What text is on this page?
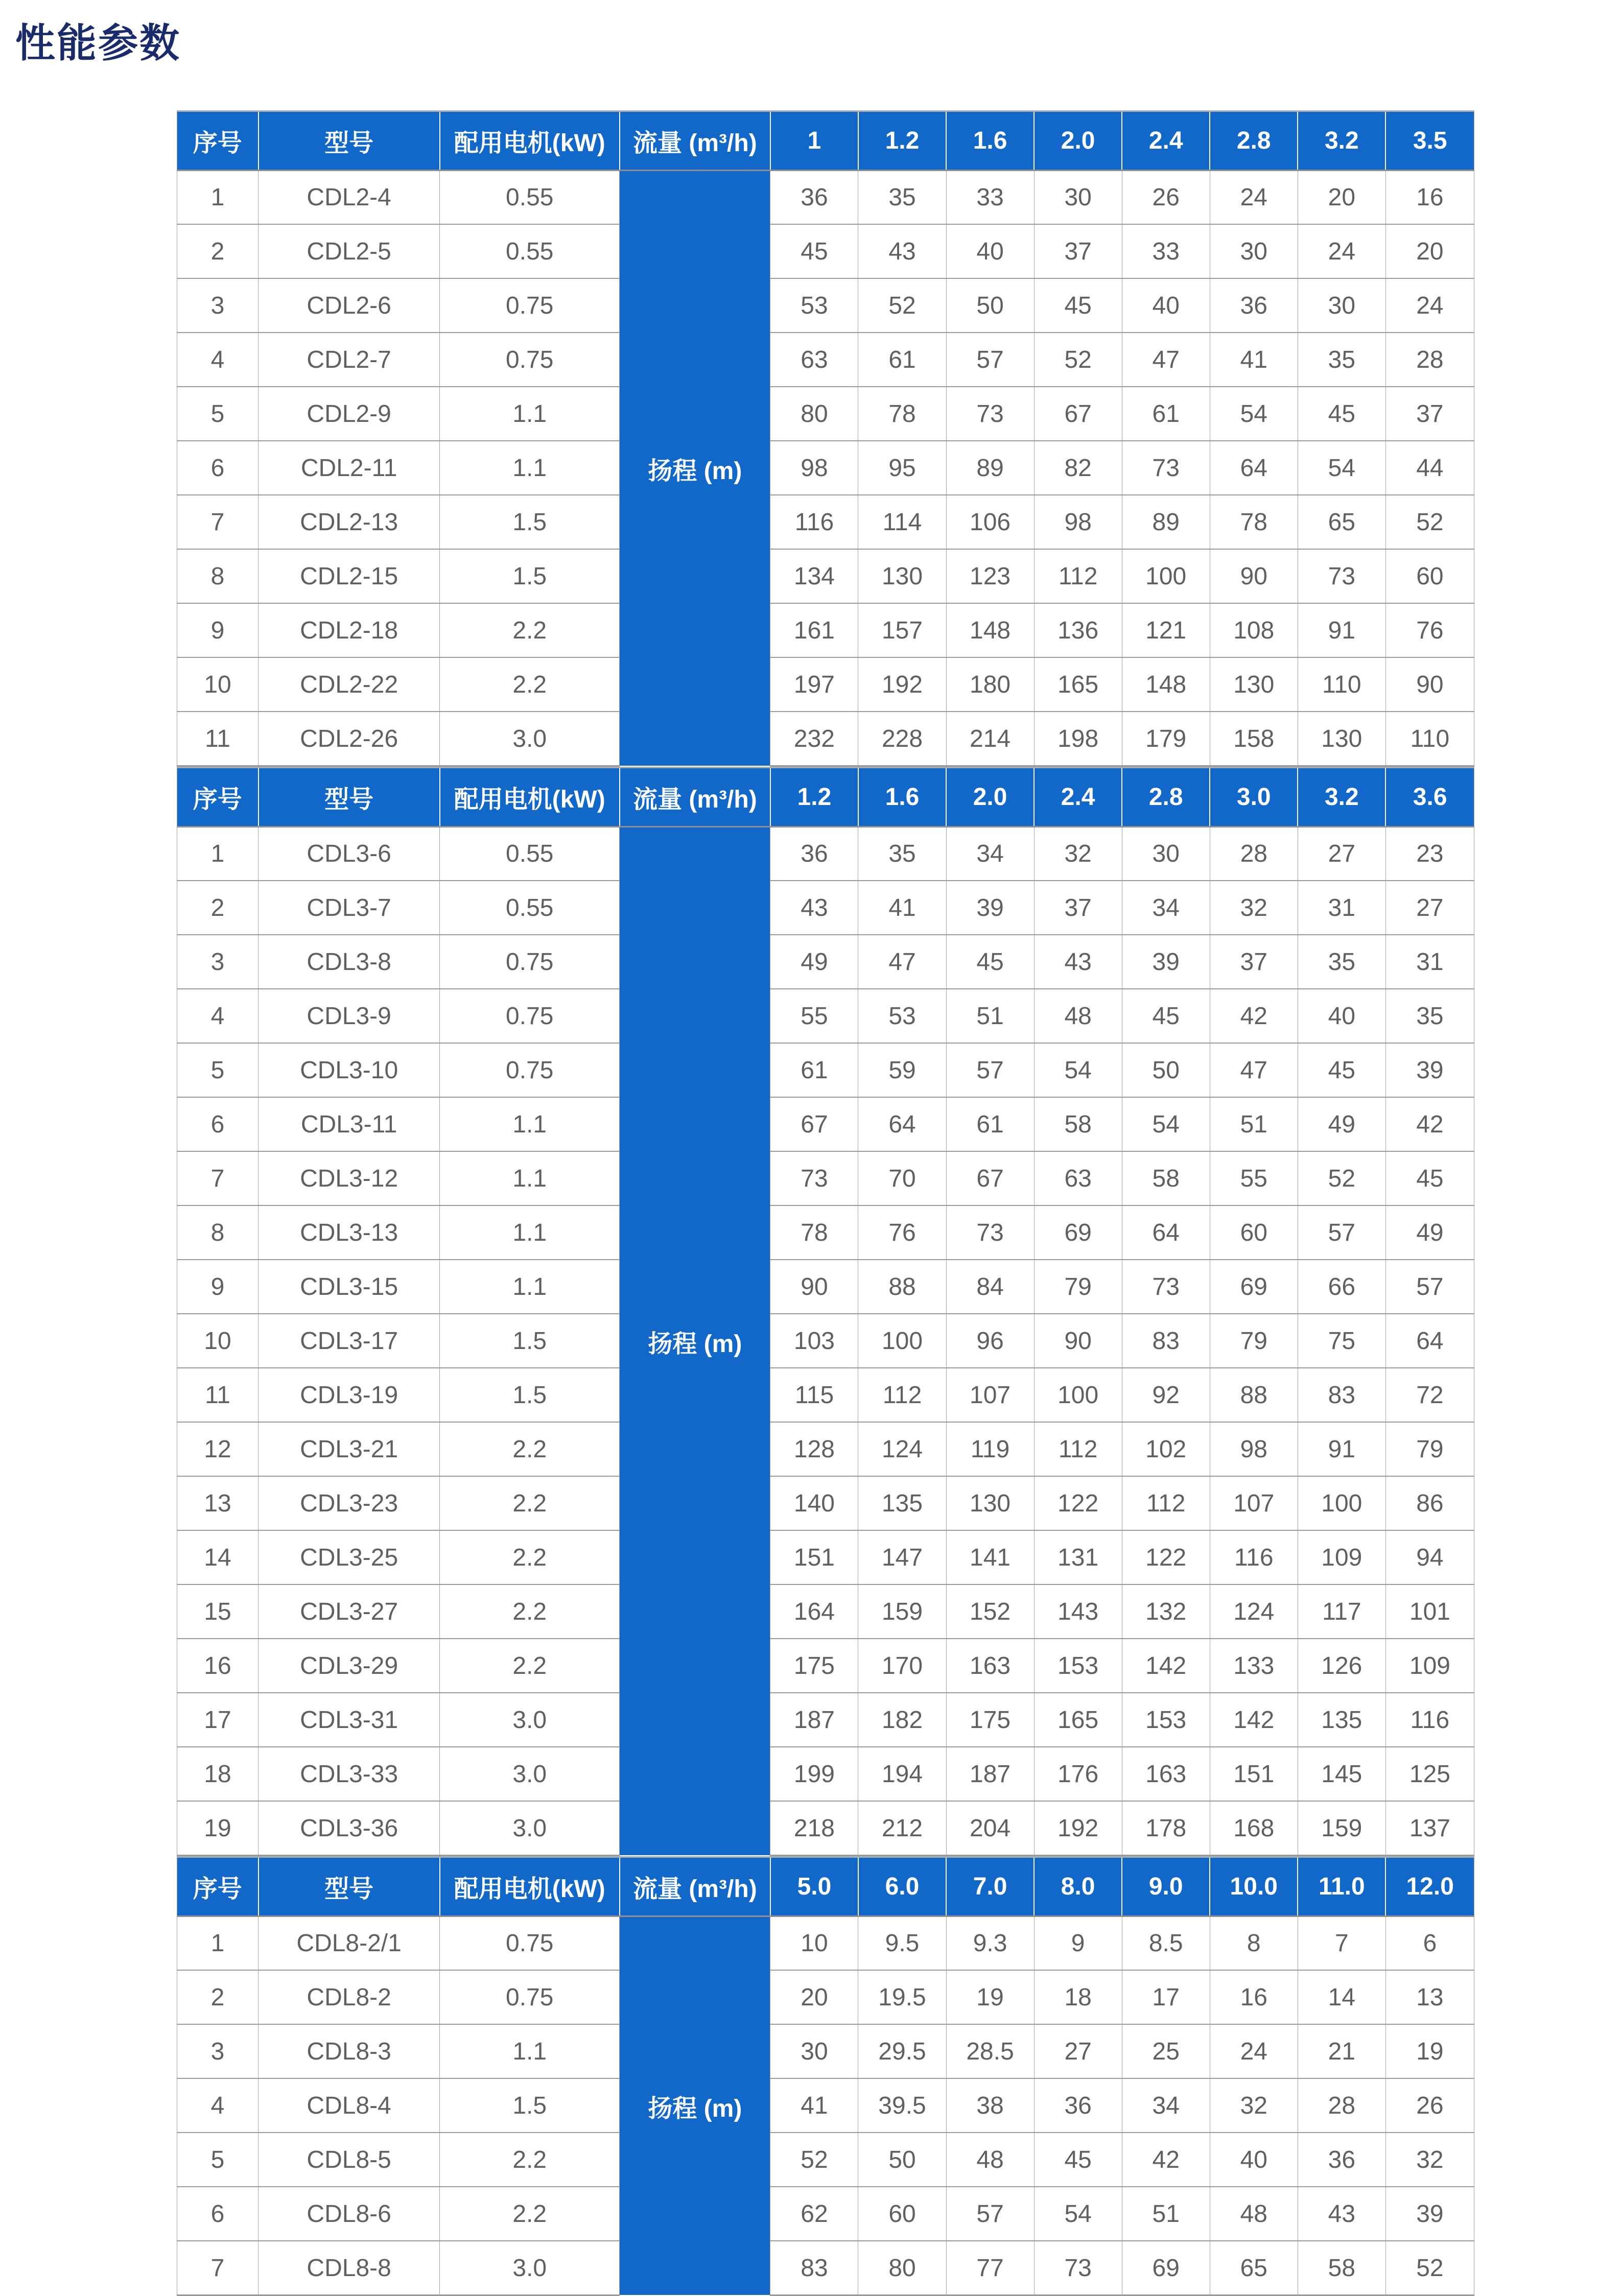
性能参数
序号	型号	配用电机(kW)	流量 (m³/h)	1	1.2	1.6	2.0	2.4	2.8	3.2	3.5
1	CDL2-4	0.55	扬程 (m)	36	35	33	30	26	24	20	16
2	CDL2-5	0.55		45	43	40	37	33	30	24	20
3	CDL2-6	0.75		53	52	50	45	40	36	30	24
4	CDL2-7	0.75		63	61	57	52	47	41	35	28
5	CDL2-9	1.1		80	78	73	67	61	54	45	37
6	CDL2-11	1.1		98	95	89	82	73	64	54	44
7	CDL2-13	1.5		116	114	106	98	89	78	65	52
8	CDL2-15	1.5		134	130	123	112	100	90	73	60
9	CDL2-18	2.2		161	157	148	136	121	108	91	76
10	CDL2-22	2.2		197	192	180	165	148	130	110	90
11	CDL2-26	3.0		232	228	214	198	179	158	130	110
序号	型号	配用电机(kW)	流量 (m³/h)	1.2	1.6	2.0	2.4	2.8	3.0	3.2	3.6
1	CDL3-6	0.55	扬程 (m)	36	35	34	32	30	28	27	23
2	CDL3-7	0.55		43	41	39	37	34	32	31	27
3	CDL3-8	0.75		49	47	45	43	39	37	35	31
4	CDL3-9	0.75		55	53	51	48	45	42	40	35
5	CDL3-10	0.75		61	59	57	54	50	47	45	39
6	CDL3-11	1.1		67	64	61	58	54	51	49	42
7	CDL3-12	1.1		73	70	67	63	58	55	52	45
8	CDL3-13	1.1		78	76	73	69	64	60	57	49
9	CDL3-15	1.1		90	88	84	79	73	69	66	57
10	CDL3-17	1.5		103	100	96	90	83	79	75	64
11	CDL3-19	1.5		115	112	107	100	92	88	83	72
12	CDL3-21	2.2		128	124	119	112	102	98	91	79
13	CDL3-23	2.2		140	135	130	122	112	107	100	86
14	CDL3-25	2.2		151	147	141	131	122	116	109	94
15	CDL3-27	2.2		164	159	152	143	132	124	117	101
16	CDL3-29	2.2		175	170	163	153	142	133	126	109
17	CDL3-31	3.0		187	182	175	165	153	142	135	116
18	CDL3-33	3.0		199	194	187	176	163	151	145	125
19	CDL3-36	3.0		218	212	204	192	178	168	159	137
序号	型号	配用电机(kW)	流量 (m³/h)	5.0	6.0	7.0	8.0	9.0	10.0	11.0	12.0
1	CDL8-2/1	0.75	扬程 (m)	10	9.5	9.3	9	8.5	8	7	6
2	CDL8-2	0.75		20	19.5	19	18	17	16	14	13
3	CDL8-3	1.1		30	29.5	28.5	27	25	24	21	19
4	CDL8-4	1.5		41	39.5	38	36	34	32	28	26
5	CDL8-5	2.2		52	50	48	45	42	40	36	32
6	CDL8-6	2.2		62	60	57	54	51	48	43	39
7	CDL8-8	3.0		83	80	77	73	69	65	58	52
